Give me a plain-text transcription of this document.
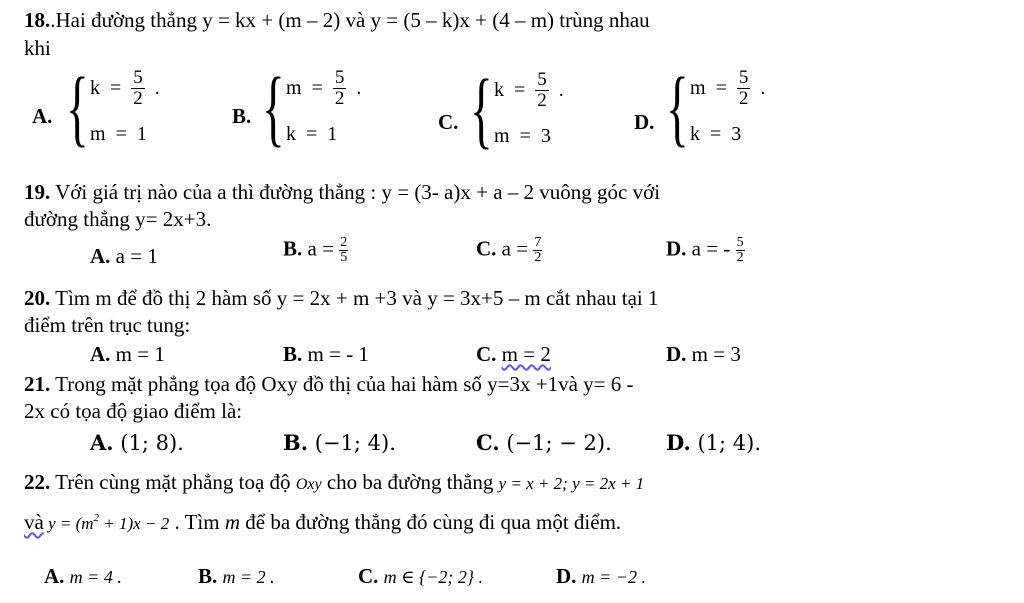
18..Hai đường thẳng y = kx + (m – 2) và y = (5 – k)x + (4 – m) trùng nhau
khi
A. { $k = \frac{5}{2}$ .
m = 1
B. { $m = \frac{5}{2}$ .
k = 1	C. { $k = \frac{5}{2}$ .
m = 3
D. { $m = \frac{5}{2}$ .
k = 3
19. Với giá trị nào của a thì đường thẳng : y = (3- a)x + a – 2 vuông góc với
đường thẳng y= 2x+3.
A. a = 1	B. $a = \frac{2}{5}$	C. $a = \frac{7}{2}$	D. a = - $\frac{5}{2}$
20. Tìm m để đồ thị 2 hàm số y = 2x + m +3 và y = 3x+5 – m cắt nhau tại 1
điểm trên trục tung:
A. m = 1	B. m = - 1	C. m = 2	D. m = 3
21. Trong mặt phẳng tọa độ Oxy đồ thị của hai hàm số y=3x +1và y= 6 -
2x có tọa độ giao điểm là:
A. (1; 8).	B. (−1; 4).	C. (−1; − 2).	D. (1; 4).
22. Trên cùng mặt phẳng toạ độ Oxy cho ba đường thẳng y = x + 2; y = 2x + 1
và $y = (m^2 + 1)x - 2$ . Tìm m để ba đường thẳng đó cùng đi qua một điểm.
A. m = 4 .	B. m = 2 .	C. m ∈ {−2; 2} .	D. m = −2 .
